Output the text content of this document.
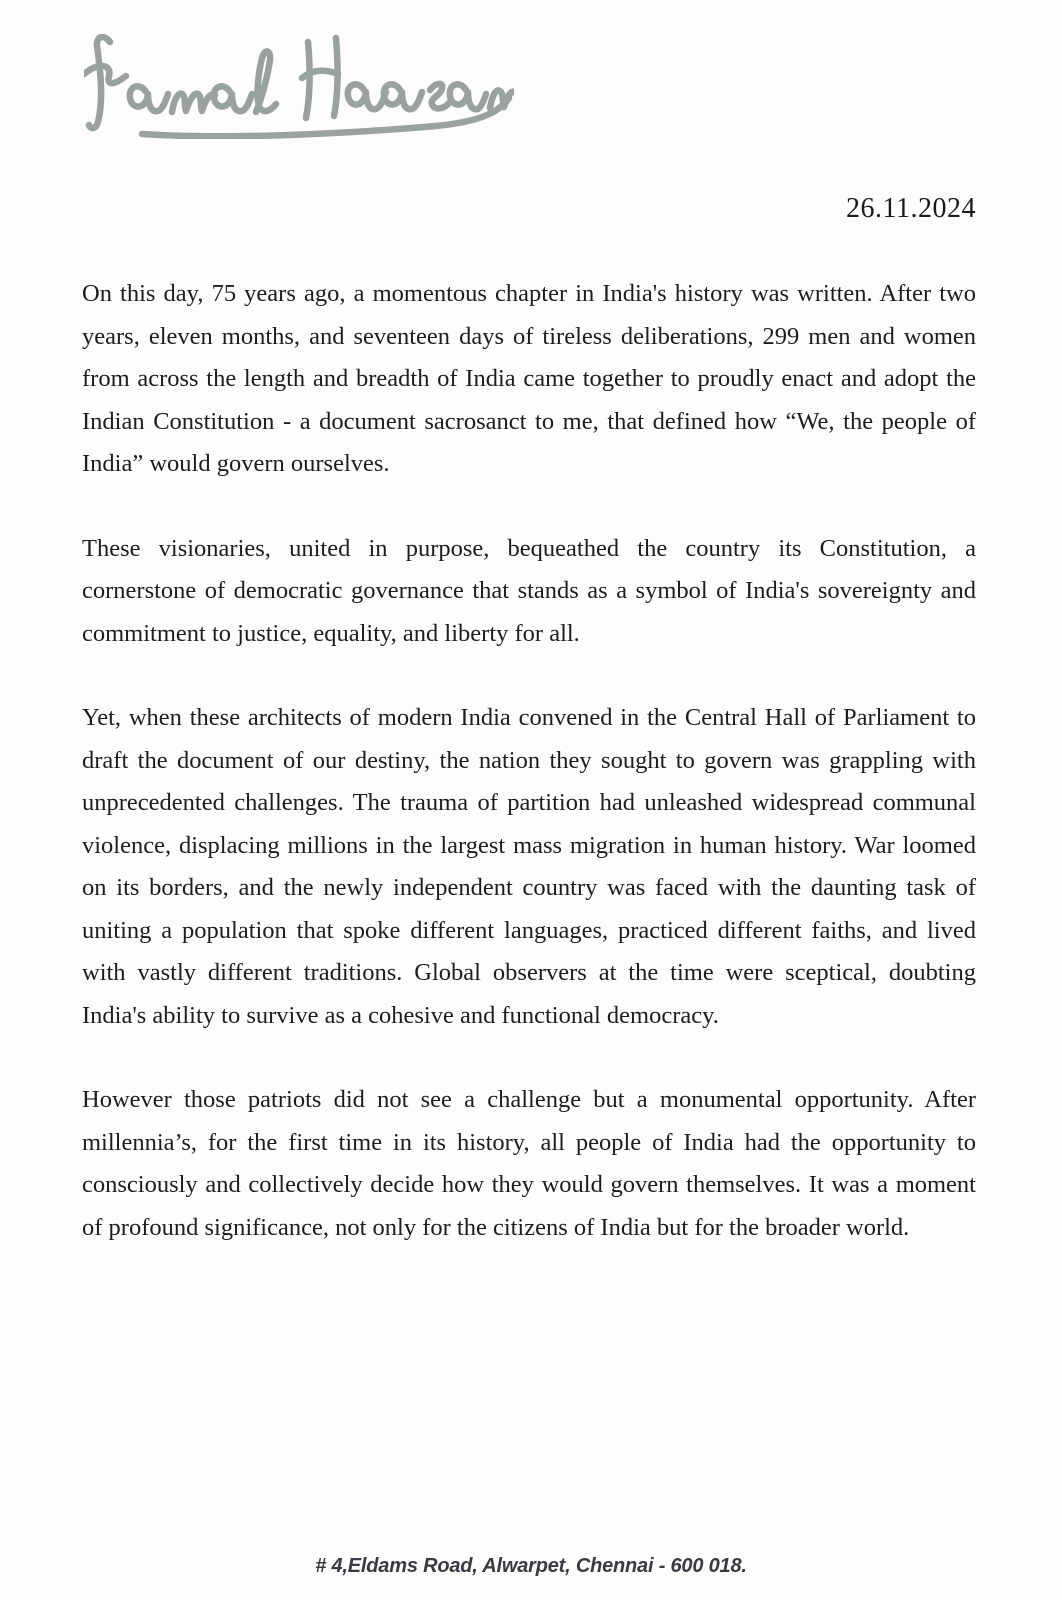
26.11.2024

On this day, 75 years ago, a momentous chapter in India's history was written. After two years, eleven months, and seventeen days of tireless deliberations, 299 men and women from across the length and breadth of India came together to proudly enact and adopt the Indian Constitution - a document sacrosanct to me, that defined how “We, the people of India” would govern ourselves.

These visionaries, united in purpose, bequeathed the country its Constitution, a cornerstone of democratic governance that stands as a symbol of India's sovereignty and commitment to justice, equality, and liberty for all.

Yet, when these architects of modern India convened in the Central Hall of Parliament to draft the document of our destiny, the nation they sought to govern was grappling with unprecedented challenges. The trauma of partition had unleashed widespread communal violence, displacing millions in the largest mass migration in human history. War loomed on its borders, and the newly independent country was faced with the daunting task of uniting a population that spoke different languages, practiced different faiths, and lived with vastly different traditions. Global observers at the time were sceptical, doubting India's ability to survive as a cohesive and functional democracy.

However those patriots did not see a challenge but a monumental opportunity. After millennia’s, for the first time in its history, all people of India had the opportunity to consciously and collectively decide how they would govern themselves. It was a moment of profound significance, not only for the citizens of India but for the broader world.

# 4,Eldams Road, Alwarpet, Chennai - 600 018.
